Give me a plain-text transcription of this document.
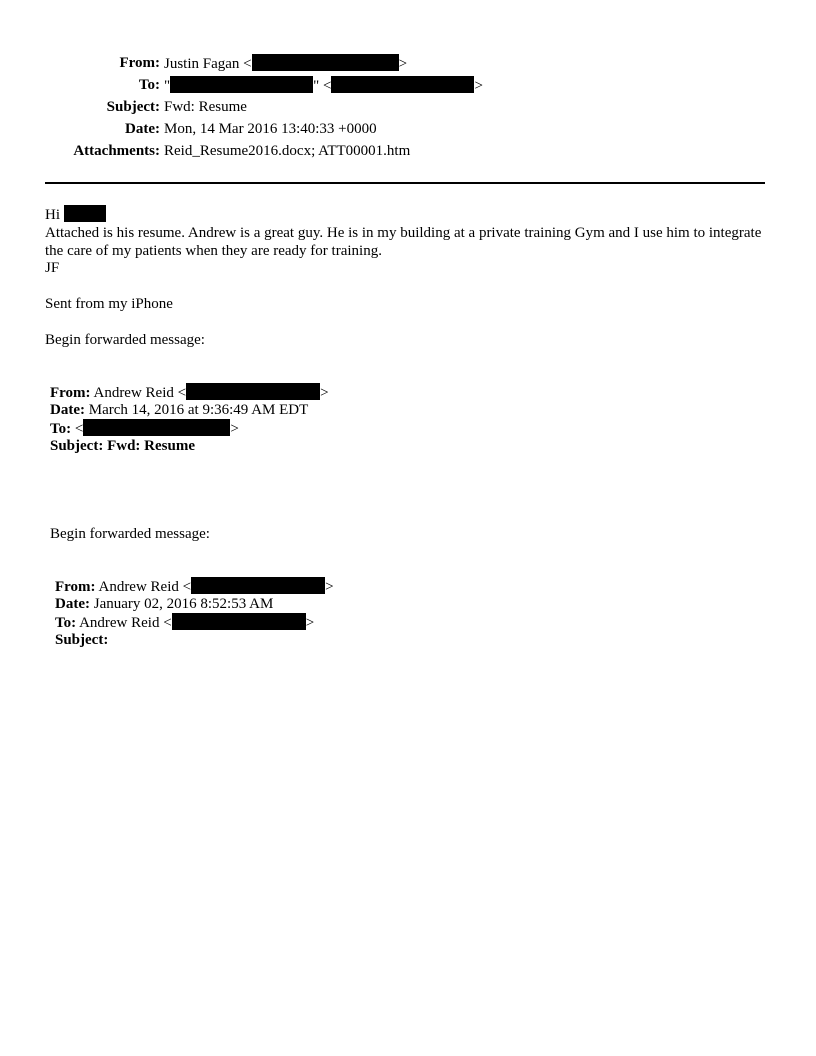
From: Justin Fagan <	>
To: "	" <	>
Subject: Fwd: Resume
Date: Mon, 14 Mar 2016 13:40:33 +0000
Attachments: Reid_Resume2016.docx; ATT00001.htm
Hi
Attached is his resume. Andrew is a great guy. He is in my building at a private training Gym and I use him to integrate the care of my patients when they are ready for training.
JF
Sent from my iPhone
Begin forwarded message:
From: Andrew Reid <	>
Date: March 14, 2016 at 9:36:49 AM EDT
To: <	>
Subject: Fwd: Resume
Begin forwarded message:
From: Andrew Reid <	>
Date: January 02, 2016 8:52:53 AM
To: Andrew Reid <	>
Subject:
